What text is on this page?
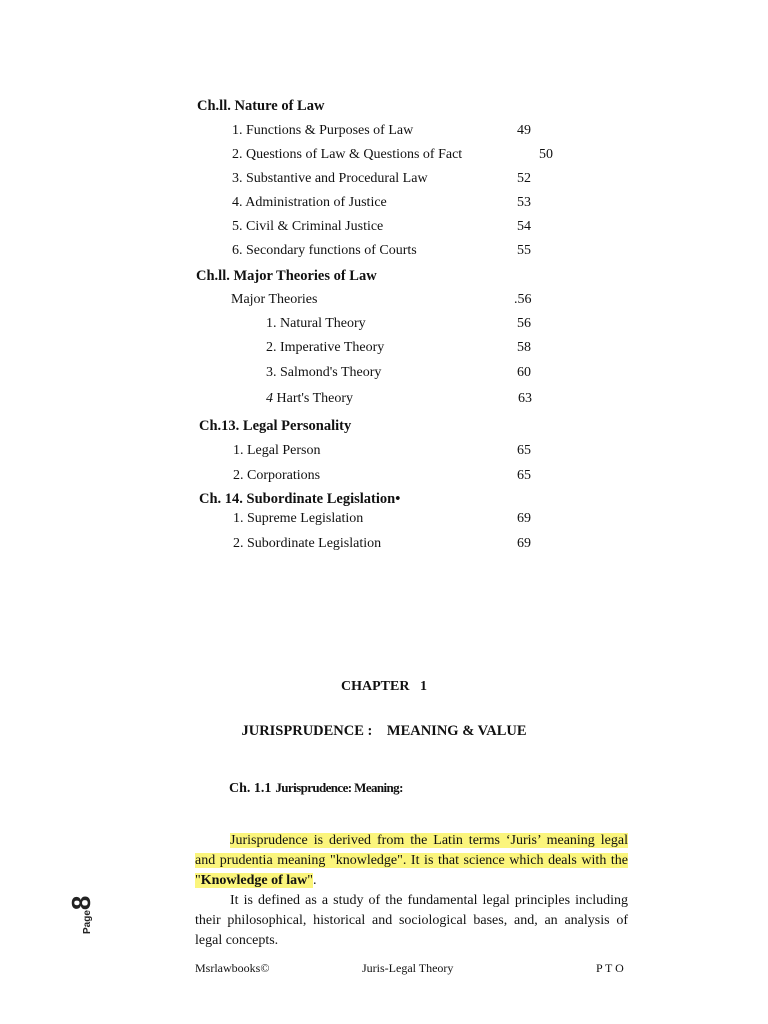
Ch.ll. Nature of Law
1. Functions & Purposes of Law	49
2. Questions of Law & Questions of Fact	50
3. Substantive and Procedural Law	52
4. Administration of Justice	53
5. Civil & Criminal Justice	54
6. Secondary functions of Courts	55
Ch.ll. Major Theories of Law
Major Theories	.56
1. Natural Theory	56
2. Imperative Theory	58
3. Salmond's Theory	60
4 Hart's Theory	63
Ch.13. Legal Personality
1. Legal Person	65
2. Corporations	65
Ch. 14. Subordinate Legislation•
1. Supreme Legislation	69
2. Subordinate Legislation	69
CHAPTER   1
JURISPRUDENCE :    MEANING & VALUE
Ch. 1.1 Jurisprudence: Meaning:
Jurisprudence is derived from the Latin terms ‘Juris’ meaning legal and prudentia meaning "knowledge". It is that science which deals with the "Knowledge of law".
It is defined as a study of the fundamental legal principles including their philosophical, historical and sociological bases, and, an analysis of legal concepts.
Page8
Msrlawbooks©	Juris-Legal Theory	P T O
